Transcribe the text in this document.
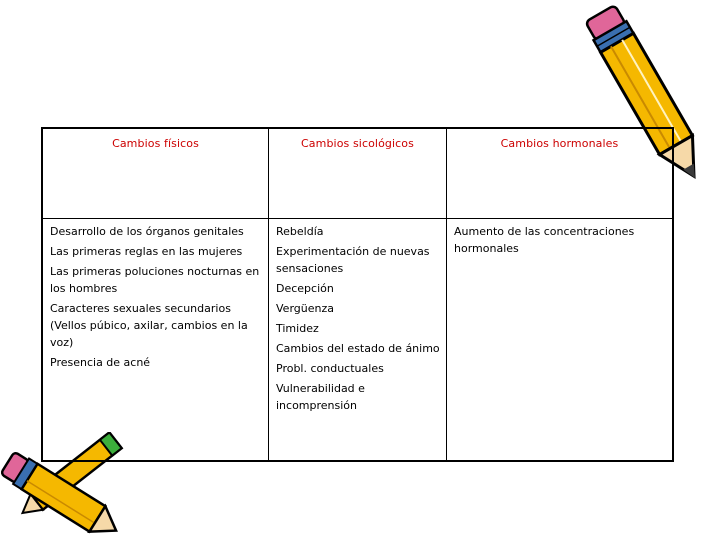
Cambios físicos	Cambios sicológicos	Cambios hormonales
Desarrollo de los órganos genitales
Las primeras reglas en las mujeres
Las primeras poluciones nocturnas en los hombres
Caracteres sexuales secundarios (Vellos púbico, axilar, cambios en la voz)
Presencia de acné
Rebeldía
Experimentación de nuevas sensaciones
Decepción
Vergüenza
Timidez
Cambios del estado de ánimo
Probl. conductuales
Vulnerabilidad e incomprensión
Aumento de las concentraciones hormonales
